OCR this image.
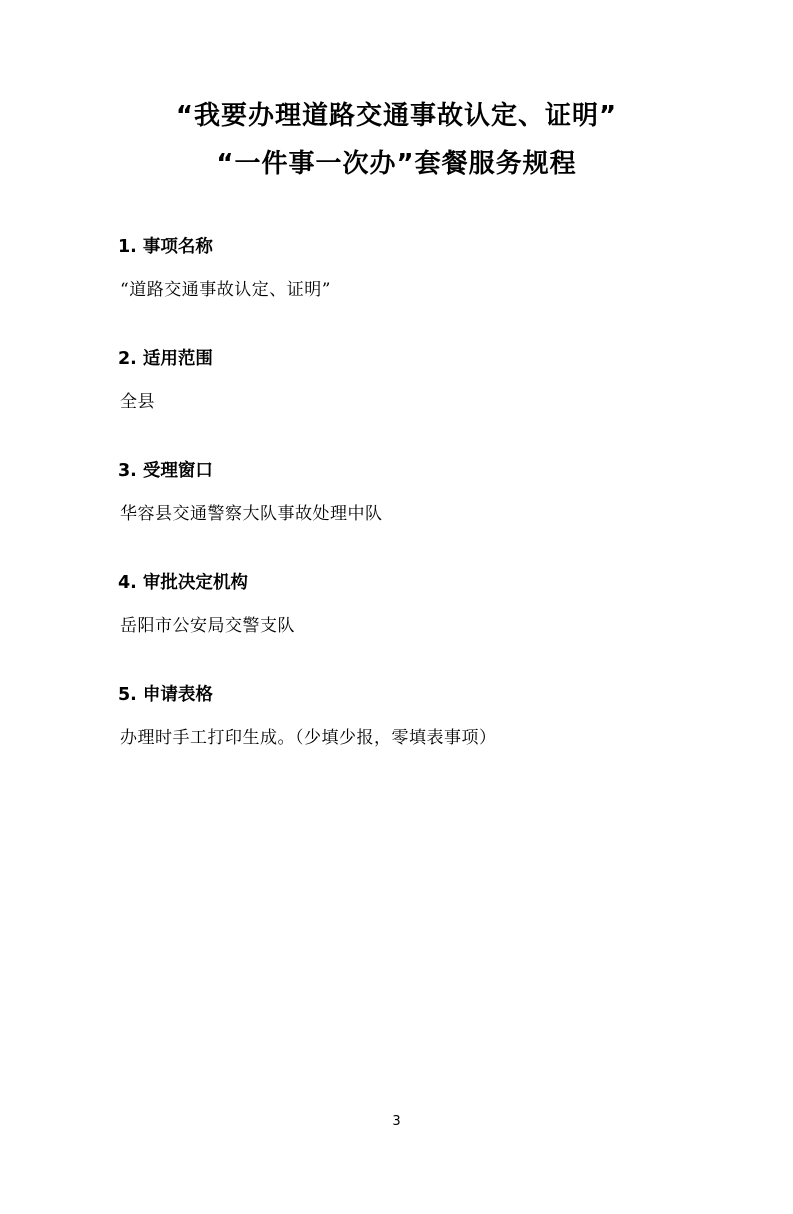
“我要办理道路交通事故认定、证明”
“一件事一次办”套餐服务规程
1. 事项名称
“道路交通事故认定、证明”
2. 适用范围
全县
3. 受理窗口
华容县交通警察大队事故处理中队
4. 审批决定机构
岳阳市公安局交警支队
5. 申请表格
办理时手工打印生成。（少填少报，零填表事项）
3
